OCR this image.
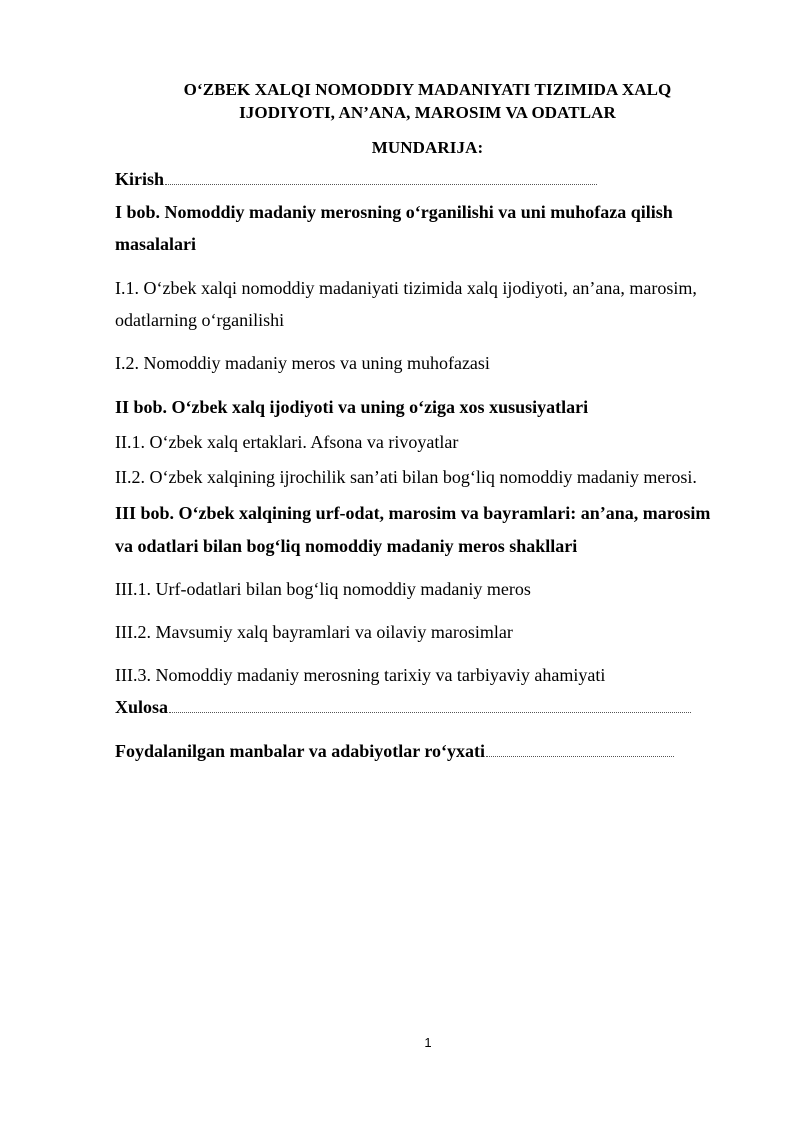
O‘ZBEK XALQI NOMODDIY MADANIYATI TIZIMIDA XALQ
IJODIYOTI, AN’ANA, MAROSIM VA ODATLAR
MUNDARIJA:
Kirish
I bob. Nomoddiy madaniy merosning o‘rganilishi va uni muhofaza qilish
masalalari
I.1. O‘zbek xalqi nomoddiy madaniyati tizimida xalq ijodiyoti, an’ana, marosim,
odatlarning o‘rganilishi
I.2. Nomoddiy madaniy meros va uning muhofazasi
II bob. O‘zbek xalq ijodiyoti va uning o‘ziga xos xususiyatlari
II.1. O‘zbek xalq ertaklari. Afsona va rivoyatlar
II.2. O‘zbek xalqining ijrochilik san’ati bilan bog‘liq nomoddiy madaniy merosi.
III bob. O‘zbek xalqining urf-odat, marosim va bayramlari: an’ana, marosim
va odatlari bilan bog‘liq nomoddiy madaniy meros shakllari
III.1. Urf-odatlari bilan bog‘liq nomoddiy madaniy meros
III.2. Mavsumiy xalq bayramlari va oilaviy marosimlar
III.3. Nomoddiy madaniy merosning tarixiy va tarbiyaviy ahamiyati
Xulosa
Foydalanilgan manbalar va adabiyotlar ro‘yxati
1
